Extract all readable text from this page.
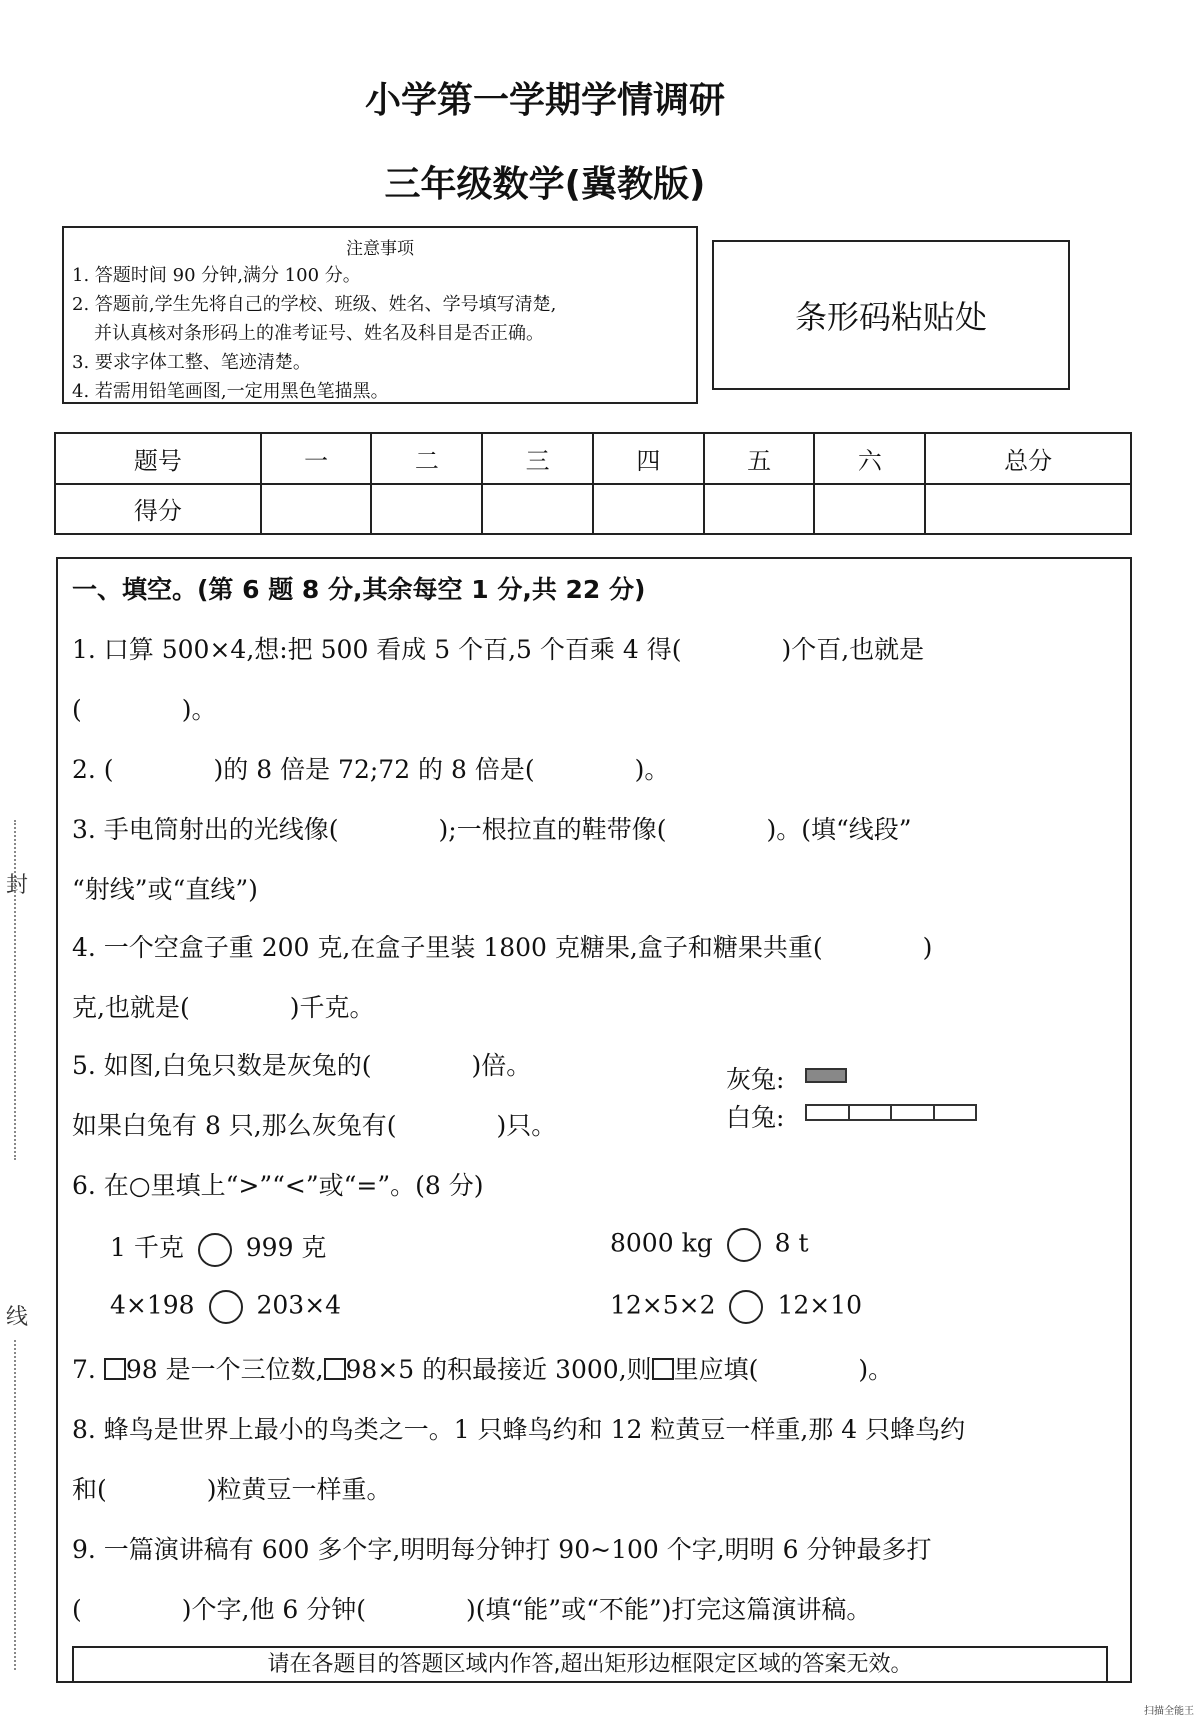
小学第一学期学情调研
三年级数学(冀教版)
注意事项
1. 答题时间 90 分钟,满分 100 分。
2. 答题前,学生先将自己的学校、班级、姓名、学号填写清楚,
并认真核对条形码上的准考证号、姓名及科目是否正确。
3. 要求字体工整、笔迹清楚。
4. 若需用铅笔画图,一定用黑色笔描黑。
条形码粘贴处
题号	一	二	三	四	五	六	总分
得分							
一、填空。(第 6 题 8 分,其余每空 1 分,共 22 分)
1. 口算 500×4,想:把 500 看成 5 个百,5 个百乘 4 得(　　　　)个百,也就是
(　　　　)。
2. (　　　　)的 8 倍是 72;72 的 8 倍是(　　　　)。
3. 手电筒射出的光线像(　　　　);一根拉直的鞋带像(　　　　)。(填“线段”
“射线”或“直线”)
4. 一个空盒子重 200 克,在盒子里装 1800 克糖果,盒子和糖果共重(　　　　)
克,也就是(　　　　)千克。
5. 如图,白兔只数是灰兔的(　　　　)倍。
如果白兔有 8 只,那么灰兔有(　　　　)只。
灰兔:
白兔:
6. 在○里填上“>”“<”或“=”。(8 分)
1 千克 999 克	8000 kg 8 t
4×198 203×4	12×5×2 12×10
7. 98 是一个三位数, 98×5 的积最接近 3000,则 里应填(　　　　)。
8. 蜂鸟是世界上最小的鸟类之一。1 只蜂鸟约和 12 粒黄豆一样重,那 4 只蜂鸟约
和(　　　　)粒黄豆一样重。
9. 一篇演讲稿有 600 多个字,明明每分钟打 90~100 个字,明明 6 分钟最多打
(　　　　)个字,他 6 分钟(　　　　)(填“能”或“不能”)打完这篇演讲稿。
请在各题目的答题区域内作答,超出矩形边框限定区域的答案无效。
封
线
扫描全能王
